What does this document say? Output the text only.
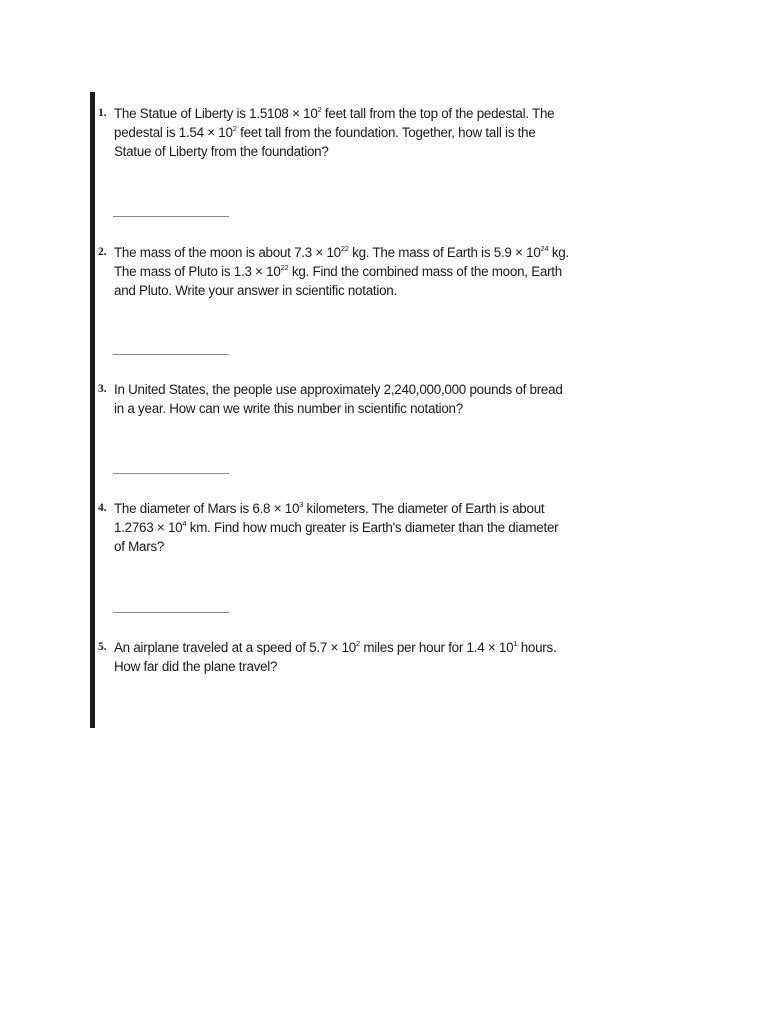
1. The Statue of Liberty is $1.5108 \times 10^2$ feet tall from the top of the pedestal. The
pedestal is $1.54 \times 10^2$ feet tall from the foundation. Together, how tall is the
Statue of Liberty from the foundation?
2. The mass of the moon is about $7.3 \times 10^{22}$ kg. The mass of Earth is $5.9 \times 10^{24}$ kg.
The mass of Pluto is $1.3 \times 10^{22}$ kg. Find the combined mass of the moon, Earth
and Pluto. Write your answer in scientific notation.
3. In United States, the people use approximately 2,240,000,000 pounds of bread
in a year. How can we write this number in scientific notation?
4. The diameter of Mars is $6.8 \times 10^3$ kilometers. The diameter of Earth is about
$1.2763 \times 10^4$ km. Find how much greater is Earth's diameter than the diameter
of Mars?
5. An airplane traveled at a speed of $5.7 \times 10^2$ miles per hour for $1.4 \times 10^1$ hours.
How far did the plane travel?
